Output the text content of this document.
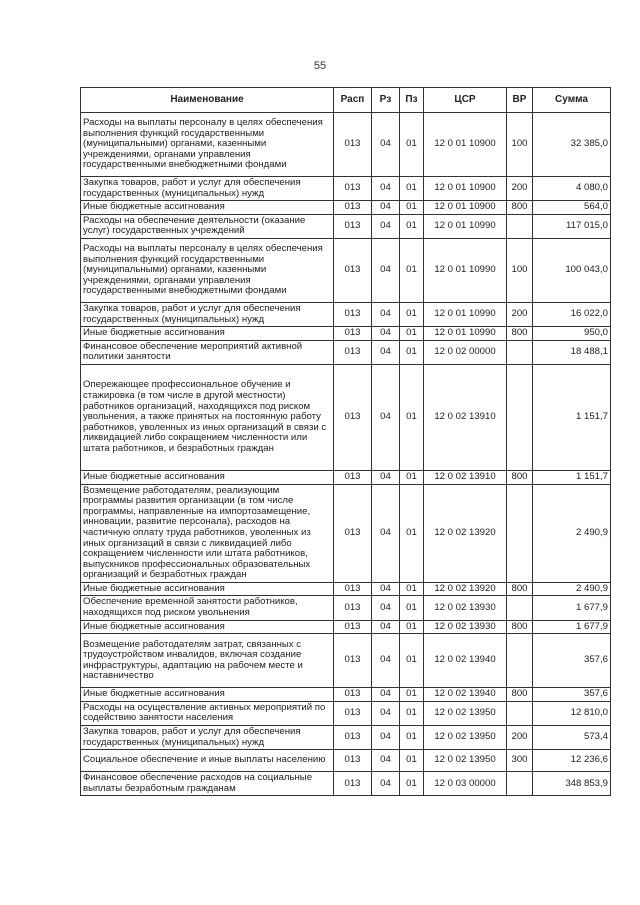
55
Наименование	Расп	Рз	Пз	ЦСР	ВР	Сумма
Расходы на выплаты персоналу в целях обеспечения выполнения функций государственными (муниципальными) органами, казенными учреждениями, органами управления государственными внебюджетными фондами	013	04	01	12 0 01 10900	100	32 385,0
Закупка товаров, работ и услуг для обеспечения государственных (муниципальных) нужд	013	04	01	12 0 01 10900	200	4 080,0
Иные бюджетные ассигнования	013	04	01	12 0 01 10900	800	564,0
Расходы на обеспечение деятельности (оказание услуг) государственных учреждений	013	04	01	12 0 01 10990		117 015,0
Расходы на выплаты персоналу в целях обеспечения выполнения функций государственными (муниципальными) органами, казенными учреждениями, органами управления государственными внебюджетными фондами	013	04	01	12 0 01 10990	100	100 043,0
Закупка товаров, работ и услуг для обеспечения государственных (муниципальных) нужд	013	04	01	12 0 01 10990	200	16 022,0
Иные бюджетные ассигнования	013	04	01	12 0 01 10990	800	950,0
Финансовое обеспечение мероприятий активной политики занятости	013	04	01	12 0 02 00000		18 488,1
Опережающее профессиональное обучение и стажировка (в том числе в другой местности) работников организаций, находящихся под риском увольнения, а также принятых на постоянную работу работников, уволенных из иных организаций в связи с ликвидацией либо сокращением численности или штата работников, и безработных граждан	013	04	01	12 0 02 13910		1 151,7
Иные бюджетные ассигнования	013	04	01	12 0 02 13910	800	1 151,7
Возмещение работодателям, реализующим программы развития организации (в том числе программы, направленные на импортозамещение, инновации, развитие персонала), расходов на частичную оплату труда работников, уволенных из иных организаций в связи с ликвидацией либо сокращением численности или штата работников, выпускников профессиональных образовательных организаций и безработных граждан	013	04	01	12 0 02 13920		2 490,9
Иные бюджетные ассигнования	013	04	01	12 0 02 13920	800	2 490,9
Обеспечение временной занятости работников, находящихся под риском увольнения	013	04	01	12 0 02 13930		1 677,9
Иные бюджетные ассигнования	013	04	01	12 0 02 13930	800	1 677,9
Возмещение работодателям затрат, связанных с трудоустройством инвалидов, включая создание инфраструктуры, адаптацию на рабочем месте и наставничество	013	04	01	12 0 02 13940		357,6
Иные бюджетные ассигнования	013	04	01	12 0 02 13940	800	357,6
Расходы на осуществление активных мероприятий по содействию занятости населения	013	04	01	12 0 02 13950		12 810,0
Закупка товаров, работ и услуг для обеспечения государственных (муниципальных) нужд	013	04	01	12 0 02 13950	200	573,4
Социальное обеспечение и иные выплаты населению	013	04	01	12 0 02 13950	300	12 236,6
Финансовое обеспечение расходов на социальные выплаты безработным гражданам	013	04	01	12 0 03 00000		348 853,9
